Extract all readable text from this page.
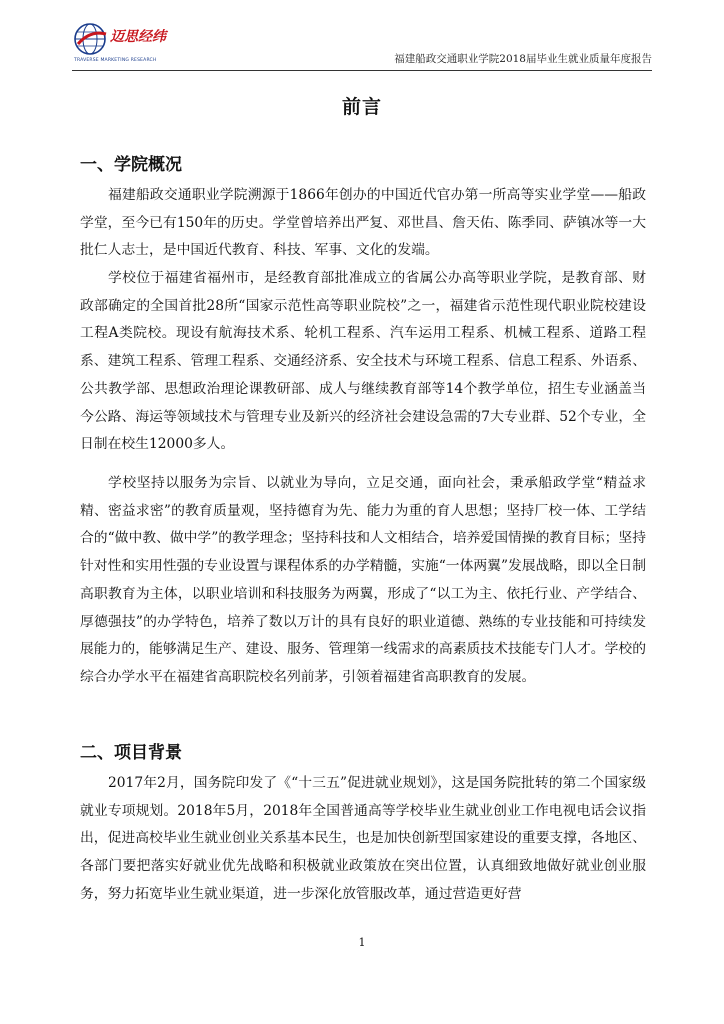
迈思经纬
TRAVERSE MARKETING RESEARCH	福建船政交通职业学院2018届毕业生就业质量年度报告
前言
一、学院概况

福建船政交通职业学院溯源于1866年创办的中国近代官办第一所高等实业学堂——船政学堂，至今已有150年的历史。学堂曾培养出严复、邓世昌、詹天佑、陈季同、萨镇冰等一大批仁人志士，是中国近代教育、科技、军事、文化的发端。

学校位于福建省福州市，是经教育部批准成立的省属公办高等职业学院，是教育部、财政部确定的全国首批28所“国家示范性高等职业院校”之一，福建省示范性现代职业院校建设工程A类院校。现设有航海技术系、轮机工程系、汽车运用工程系、机械工程系、道路工程系、建筑工程系、管理工程系、交通经济系、安全技术与环境工程系、信息工程系、外语系、公共教学部、思想政治理论课教研部、成人与继续教育部等14个教学单位，招生专业涵盖当今公路、海运等领域技术与管理专业及新兴的经济社会建设急需的7大专业群、52个专业，全日制在校生12000多人。

学校坚持以服务为宗旨、以就业为导向，立足交通，面向社会，秉承船政学堂“精益求精、密益求密”的教育质量观，坚持德育为先、能力为重的育人思想；坚持厂校一体、工学结合的“做中教、做中学”的教学理念；坚持科技和人文相结合，培养爱国情操的教育目标；坚持针对性和实用性强的专业设置与课程体系的办学精髓，实施“一体两翼”发展战略，即以全日制高职教育为主体，以职业培训和科技服务为两翼，形成了“以工为主、依托行业、产学结合、厚德强技”的办学特色，培养了数以万计的具有良好的职业道德、熟练的专业技能和可持续发展能力的，能够满足生产、建设、服务、管理第一线需求的高素质技术技能专门人才。学校的综合办学水平在福建省高职院校名列前茅，引领着福建省高职教育的发展。

二、项目背景

2017年2月，国务院印发了《“十三五”促进就业规划》，这是国务院批转的第二个国家级就业专项规划。2018年5月，2018年全国普通高等学校毕业生就业创业工作电视电话会议指出，促进高校毕业生就业创业关系基本民生，也是加快创新型国家建设的重要支撑，各地区、各部门要把落实好就业优先战略和积极就业政策放在突出位置，认真细致地做好就业创业服务，努力拓宽毕业生就业渠道，进一步深化放管服改革，通过营造更好营

1
